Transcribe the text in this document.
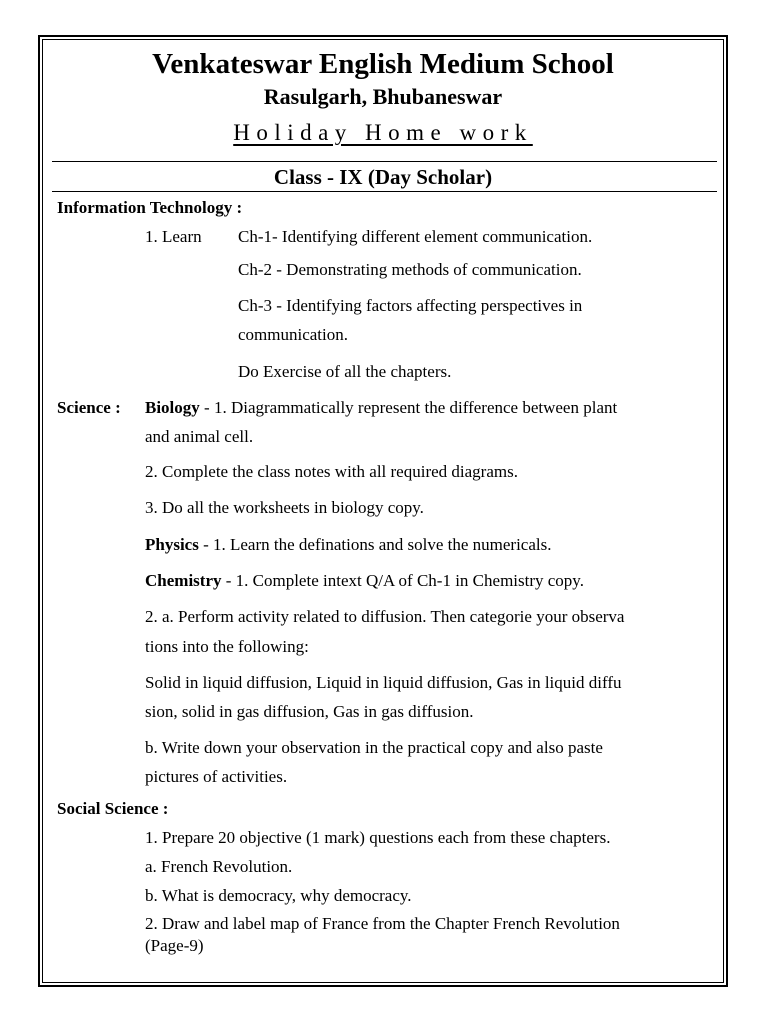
Venkateswar English Medium School
Rasulgarh, Bhubaneswar
Holiday Home work
Class - IX (Day Scholar)
Information Technology :
1. Learn Ch-1- Identifying different element communication.
Ch-2 - Demonstrating methods of communication.
Ch-3 - Identifying factors affecting perspectives in
communication.
Do Exercise of all the chapters.
Science : Biology - 1. Diagrammatically represent the difference between plant
and animal cell.
2. Complete the class notes with all required diagrams.
3. Do all the worksheets in biology copy.
Physics - 1. Learn the definations and solve the numericals.
Chemistry - 1. Complete intext Q/A of Ch-1 in Chemistry copy.
2. a. Perform activity related to diffusion. Then categorie your observa
tions into the following:
Solid in liquid diffusion, Liquid in liquid diffusion, Gas in liquid diffu
sion, solid in gas diffusion, Gas in gas diffusion.
b. Write down your observation in the practical copy and also paste
pictures of activities.
Social Science :
1. Prepare 20 objective (1 mark) questions each from these chapters.
a. French Revolution.
b. What is democracy, why democracy.
2. Draw and label map of France from the Chapter French Revolution
(Page-9)
